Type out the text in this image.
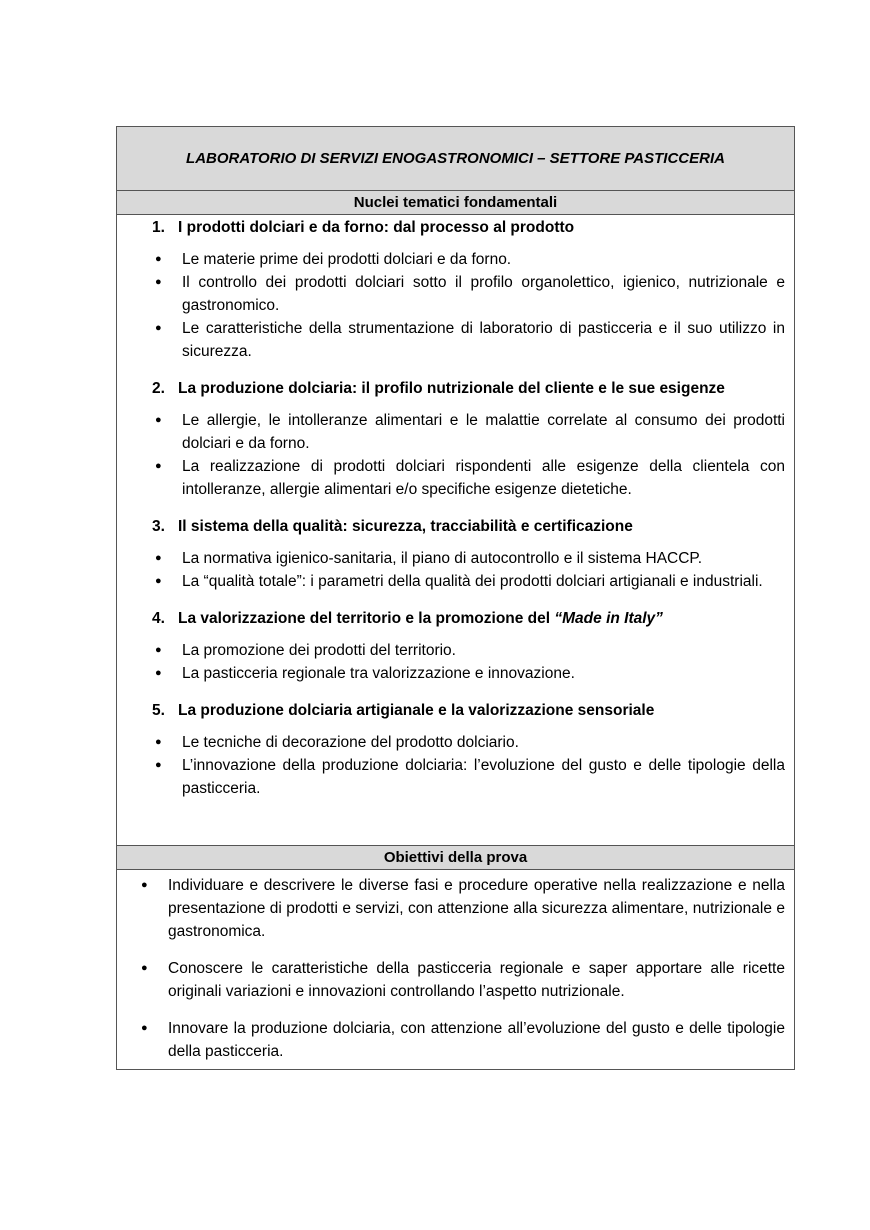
LABORATORIO DI SERVIZI ENOGASTRONOMICI – SETTORE PASTICCERIA
Nuclei tematici fondamentali
1. I prodotti dolciari e da forno: dal processo al prodotto
●	Le materie prime dei prodotti dolciari e da forno.
●	Il controllo dei prodotti dolciari sotto il profilo organolettico, igienico, nutrizionale e gastronomico.
●	Le caratteristiche della strumentazione di laboratorio di pasticceria e il suo utilizzo in sicurezza.
2. La produzione dolciaria: il profilo nutrizionale del cliente e le sue esigenze
●	Le allergie, le intolleranze alimentari e le malattie correlate al consumo dei prodotti dolciari e da forno.
●	La realizzazione di prodotti dolciari rispondenti alle esigenze della clientela con intolleranze, allergie alimentari e/o specifiche esigenze dietetiche.
3. Il sistema della qualità: sicurezza, tracciabilità e certificazione
●	La normativa igienico-sanitaria, il piano di autocontrollo e il sistema HACCP.
●	La “qualità totale”: i parametri della qualità dei prodotti dolciari artigianali e industriali.
4. La valorizzazione del territorio e la promozione del “Made in Italy”
●	La promozione dei prodotti del territorio.
●	La pasticceria regionale tra valorizzazione e innovazione.
5. La produzione dolciaria artigianale e la valorizzazione sensoriale
●	Le tecniche di decorazione del prodotto dolciario.
●	L’innovazione della produzione dolciaria: l’evoluzione del gusto e delle tipologie della pasticceria.
Obiettivi della prova
●	Individuare e descrivere le diverse fasi e procedure operative nella realizzazione e nella presentazione di prodotti e servizi, con attenzione alla sicurezza alimentare, nutrizionale e gastronomica.
●	Conoscere le caratteristiche della pasticceria regionale e saper apportare alle ricette originali variazioni e innovazioni controllando l’aspetto nutrizionale.
●	Innovare la produzione dolciaria, con attenzione all’evoluzione del gusto e delle tipologie della pasticceria.
